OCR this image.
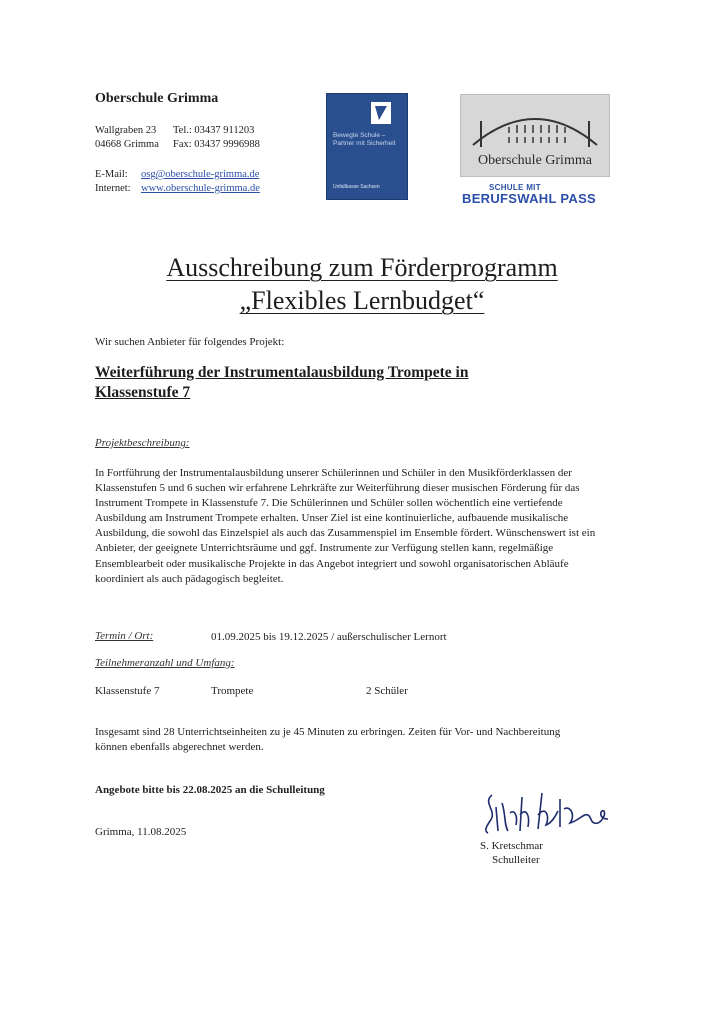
Oberschule Grimma
Wallgraben 23 Tel.: 03437 911203
04668 Grimma Fax: 03437 9996988
E-Mail: osg@oberschule-grimma.de
Internet: www.oberschule-grimma.de
Bewegte Schule – Partner mit Sicherheit
Unfallkasse Sachsen
Oberschule Grimma
SCHULE MIT
BERUFSWAHL PASS
Ausschreibung zum Förderprogramm
„Flexibles Lernbudget“
Wir suchen Anbieter für folgendes Projekt:
Weiterführung der Instrumentalausbildung Trompete in Klassenstufe 7
Projektbeschreibung:
In Fortführung der Instrumentalausbildung unserer Schülerinnen und Schüler in den Musikförderklassen der Klassenstufen 5 und 6 suchen wir erfahrene Lehrkräfte zur Weiterführung dieser musischen Förderung für das Instrument Trompete in Klassenstufe 7. Die Schülerinnen und Schüler sollen wöchentlich eine vertiefende Ausbildung am Instrument Trompete erhalten. Unser Ziel ist eine kontinuierliche, aufbauende musikalische Ausbildung, die sowohl das Einzelspiel als auch das Zusammenspiel im Ensemble fördert. Wünschenswert ist ein Anbieter, der geeignete Unterrichtsräume und ggf. Instrumente zur Verfügung stellen kann, regelmäßige Ensemblearbeit oder musikalische Projekte in das Angebot integriert und sowohl organisatorischen Abläufe koordiniert als auch pädagogisch begleitet.
Termin / Ort:	01.09.2025 bis 19.12.2025 / außerschulischer Lernort
Teilnehmeranzahl und Umfang:
Klassenstufe 7	Trompete	2 Schüler
Insgesamt sind 28 Unterrichtseinheiten zu je 45 Minuten zu erbringen. Zeiten für Vor- und Nachbereitung können ebenfalls abgerechnet werden.
Angebote bitte bis 22.08.2025 an die Schulleitung
Grimma, 11.08.2025
S. Kretschmar
Schulleiter
